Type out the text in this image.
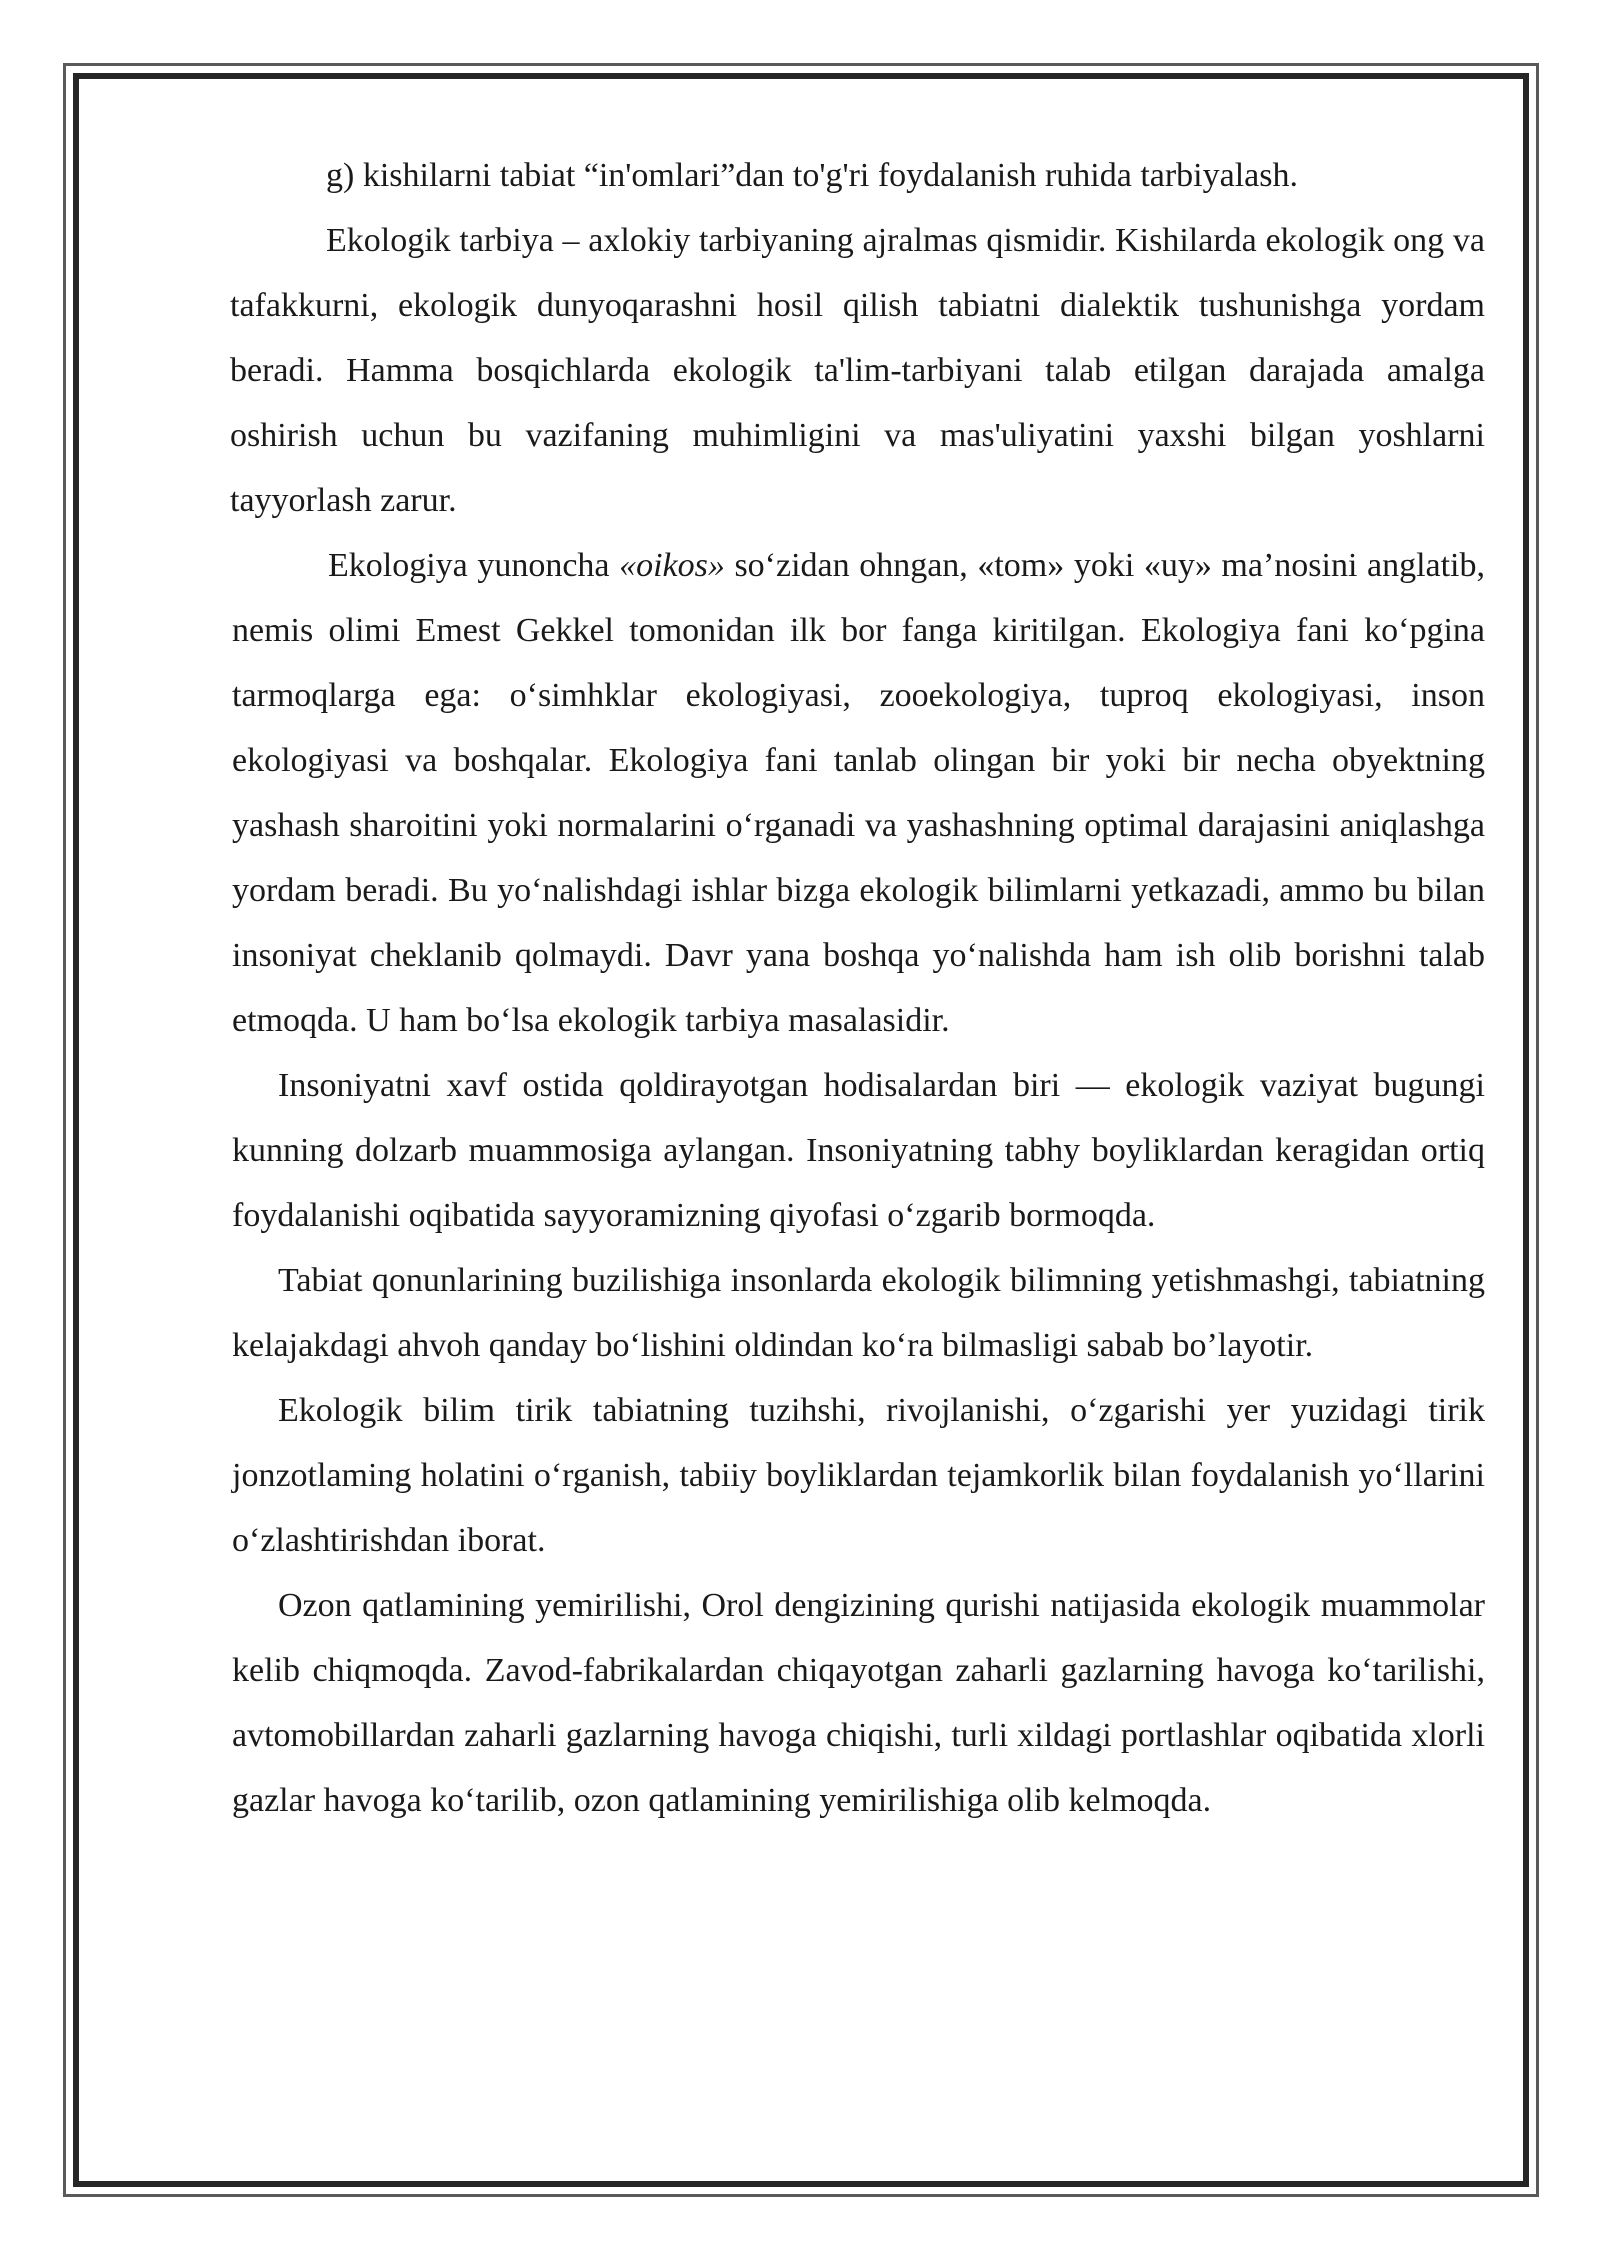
g) kishilarni tabiat “in'omlari”dan to'g'ri foydalanish ruhida tarbiyalash.

Ekologik tarbiya – axlokiy tarbiyaning ajralmas qismidir. Kishilarda ekologik ong va tafakkurni, ekologik dunyoqarashni hosil qilish tabiatni dialektik tushunishga yordam beradi. Hamma bosqichlarda ekologik ta'lim-tarbiyani talab etilgan darajada amalga oshirish uchun bu vazifaning muhimligini va mas'uliyatini yaxshi bilgan yoshlarni tayyorlash zarur.

Ekologiya yunoncha «oikos» so‘zidan ohngan, «tom» yoki «uy» ma’nosini anglatib, nemis olimi Emest Gekkel tomonidan ilk bor fanga kiritilgan. Ekologiya fani ko‘pgina tarmoqlarga ega: o‘simhklar ekologiyasi, zooekologiya, tuproq ekologiyasi, inson ekologiyasi va boshqalar. Ekologiya fani tanlab olingan bir yoki bir necha obyektning yashash sharoitini yoki normalarini o‘rganadi va yashashning optimal darajasini aniqlashga yordam beradi. Bu yo‘nalishdagi ishlar bizga ekologik bilimlarni yetkazadi, ammo bu bilan insoniyat cheklanib qolmaydi. Davr yana boshqa yo‘nalishda ham ish olib borishni talab etmoqda. U ham bo‘lsa ekologik tarbiya masalasidir.

Insoniyatni xavf ostida qoldirayotgan hodisalardan biri — ekologik vaziyat bugungi kunning dolzarb muammosiga aylangan. Insoniyatning tabhy boyliklardan keragidan ortiq foydalanishi oqibatida sayyoramizning qiyofasi o‘zgarib bormoqda.

Tabiat qonunlarining buzilishiga insonlarda ekologik bilimning yetishmashgi, tabiatning kelajakdagi ahvoh qanday bo‘lishini oldindan ko‘ra bilmasligi sabab bo’layotir.

Ekologik bilim tirik tabiatning tuzihshi, rivojlanishi, o‘zgarishi yer yuzidagi tirik jonzotlaming holatini o‘rganish, tabiiy boyliklardan tejamkorlik bilan foydalanish yo‘llarini o‘zlashtirishdan iborat.

Ozon qatlamining yemirilishi, Orol dengizining qurishi natijasida ekologik muammolar kelib chiqmoqda. Zavod-fabrikalardan chiqayotgan zaharli gazlarning havoga ko‘tarilishi, avtomobillardan zaharli gazlarning havoga chiqishi, turli xildagi portlashlar oqibatida xlorli gazlar havoga ko‘tarilib, ozon qatlamining yemirilishiga olib kelmoqda.
